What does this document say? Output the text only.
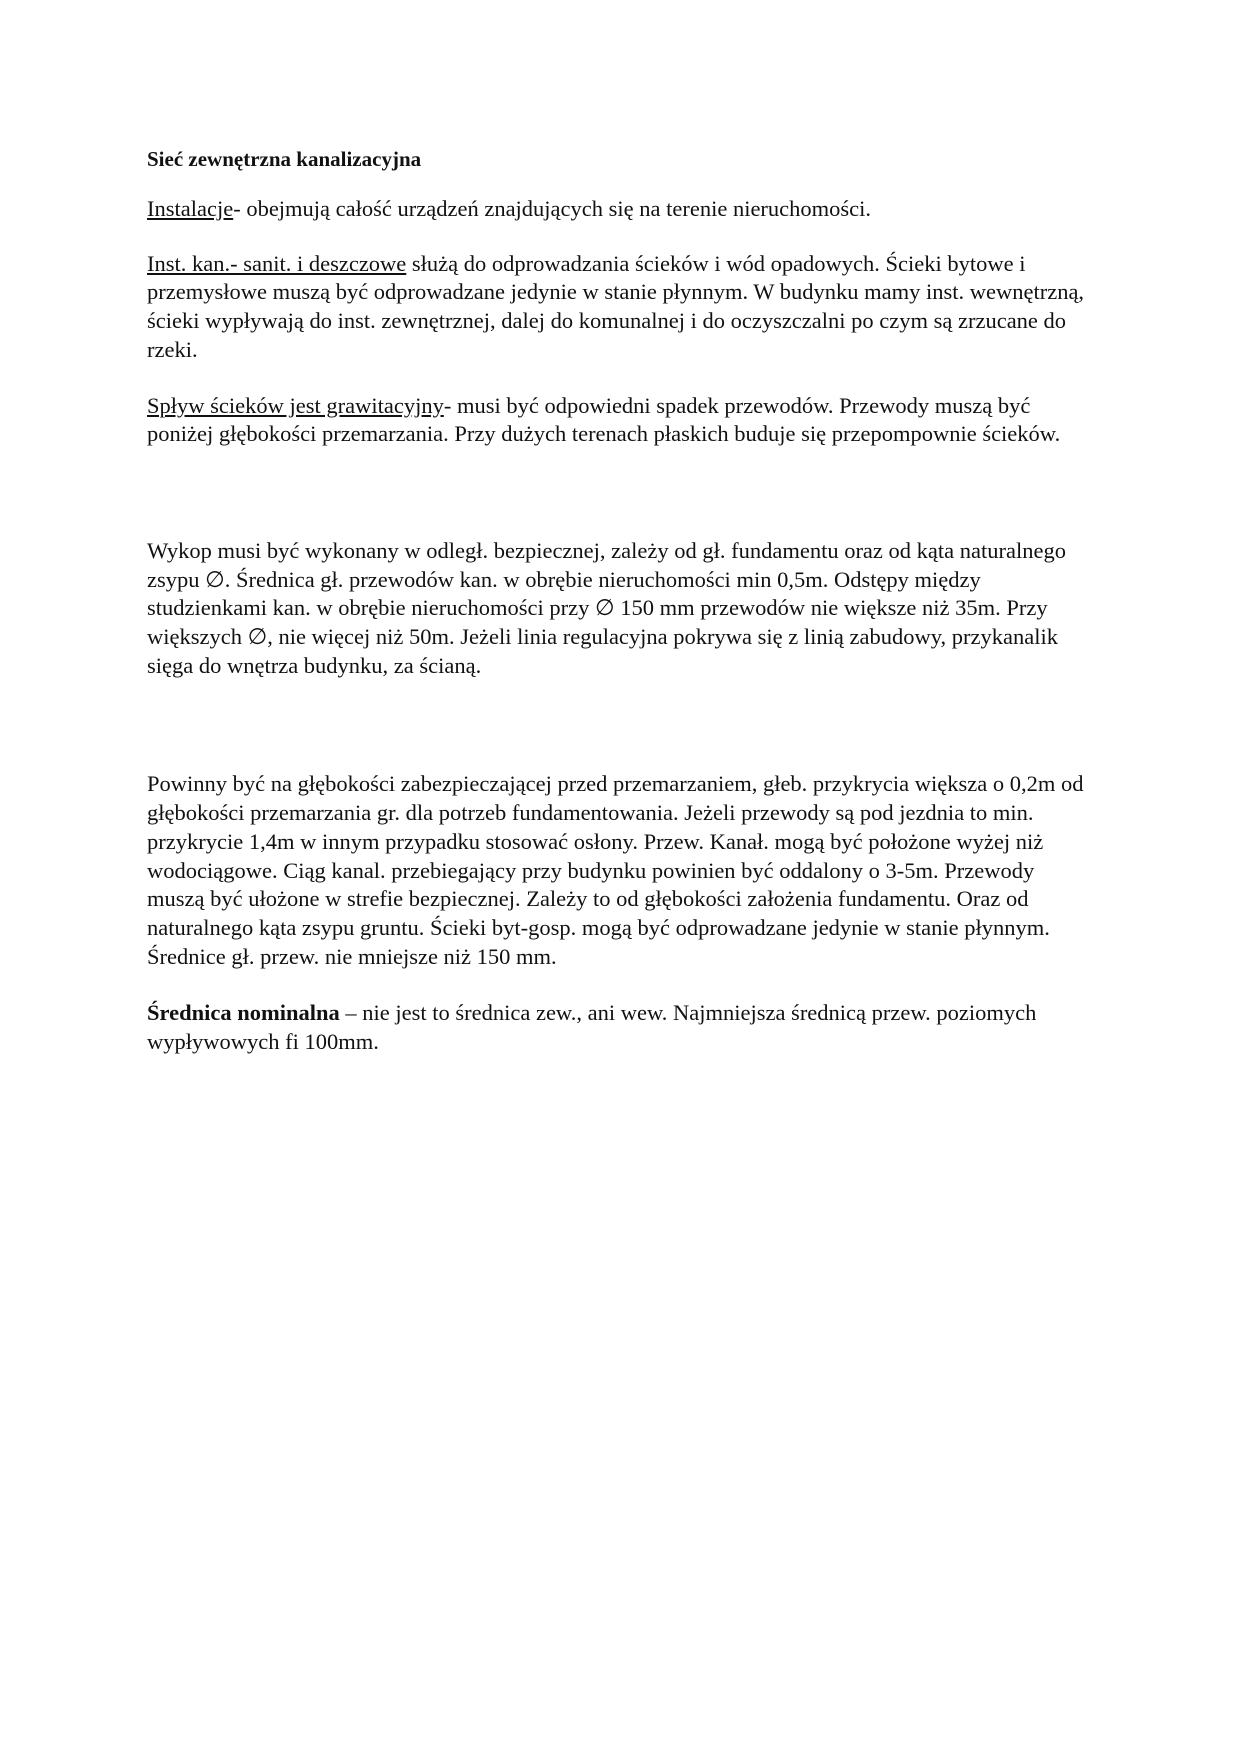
Sieć zewnętrzna kanalizacyjna

Instalacje- obejmują całość urządzeń znajdujących się na terenie nieruchomości.

Inst. kan.- sanit. i deszczowe służą do odprowadzania ścieków i wód opadowych. Ścieki bytowe i przemysłowe muszą być odprowadzane jedynie w stanie płynnym. W budynku mamy inst. wewnętrzną, ścieki wypływają do inst. zewnętrznej, dalej do komunalnej i do oczyszczalni po czym są zrzucane do rzeki.

Spływ ścieków jest grawitacyjny- musi być odpowiedni spadek przewodów. Przewody muszą być poniżej głębokości przemarzania. Przy dużych terenach płaskich buduje się przepompownie ścieków.

Wykop musi być wykonany w odległ. bezpiecznej, zależy od gł. fundamentu oraz od kąta naturalnego zsypu ∅. Średnica gł. przewodów kan. w obrębie nieruchomości min 0,5m. Odstępy między studzienkami kan. w obrębie nieruchomości przy ∅ 150 mm przewodów nie większe niż 35m. Przy większych ∅, nie więcej niż 50m. Jeżeli linia regulacyjna pokrywa się z linią zabudowy, przykanalik sięga do wnętrza budynku, za ścianą.

Powinny być na głębokości zabezpieczającej przed przemarzaniem, głeb. przykrycia większa o 0,2m od głębokości przemarzania gr. dla potrzeb fundamentowania. Jeżeli przewody są pod jezdnia to min. przykrycie 1,4m w innym przypadku stosować osłony. Przew. Kanał. mogą być położone wyżej niż wodociągowe. Ciąg kanal. przebiegający przy budynku powinien być oddalony o 3-5m. Przewody muszą być ułożone w strefie bezpiecznej. Zależy to od głębokości założenia fundamentu. Oraz od naturalnego kąta zsypu gruntu. Ścieki byt-gosp. mogą być odprowadzane jedynie w stanie płynnym. Średnice gł. przew. nie mniejsze niż 150 mm.

Średnica nominalna – nie jest to średnica zew., ani wew. Najmniejsza średnicą przew. poziomych wypływowych fi 100mm.
